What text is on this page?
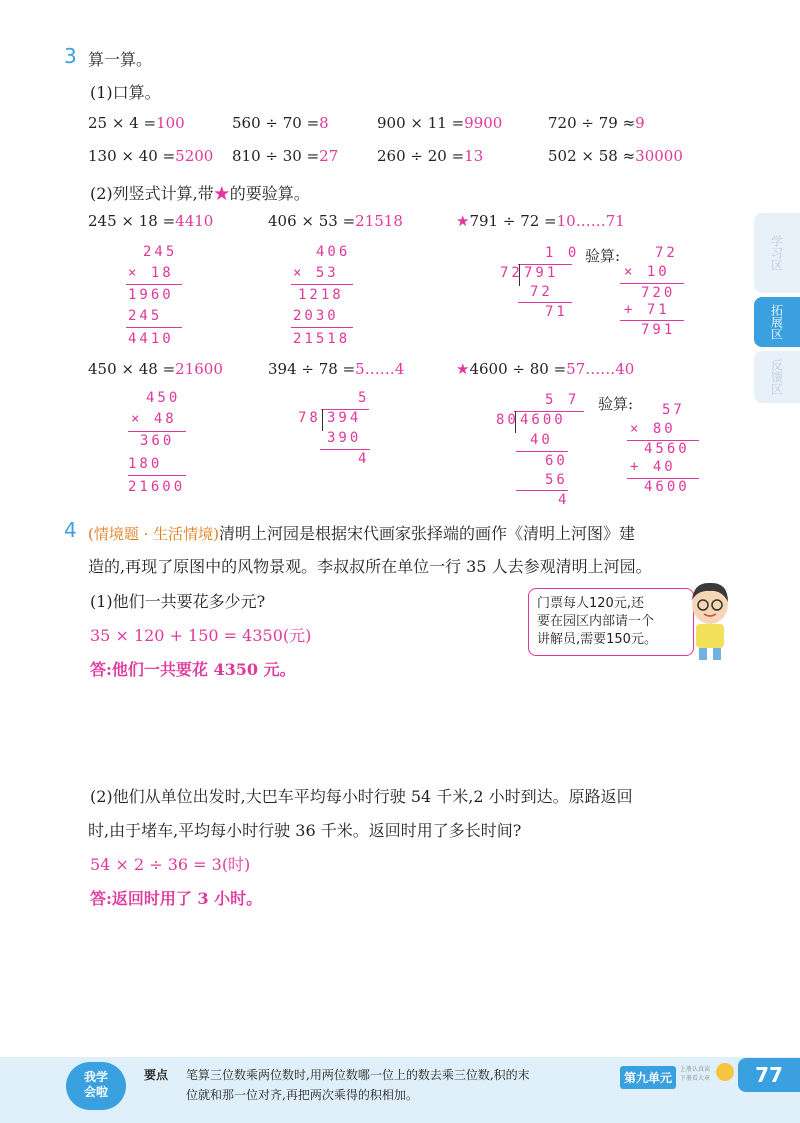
3 算一算。
(1)口算。
25 × 4 =100	560 ÷ 70 =8	900 × 11 =9900	720 ÷ 79 ≈9
130 × 40 =5200 810 ÷ 30 =27	260 ÷ 20 =13	502 × 58 ≈30000
(2)列竖式计算,带★的要验算。
245 × 18 =4410	406 × 53 =21518	★791 ÷ 72 =10……71
245
× 18
1960
245
4410
406
× 53
1218
2030
21518
1 0
72 791
72
71
验算: 72
× 10
720
+ 71
791
450 × 48 =21600	394 ÷ 78 =5……4	★4600 ÷ 80 =57……40
450
× 48
360
180
21600
5
78 394
390
4
5 7
80 4600
40
60
56
4
验算: 57
× 80
4560
+ 40
4600
4 (情境题 · 生活情境)清明上河园是根据宋代画家张择端的画作《清明上河图》建
造的,再现了原图中的风物景观。李叔叔所在单位一行 35 人去参观清明上河园。
(1)他们一共要花多少元?
35 × 120 + 150 = 4350(元)
答:他们一共要花 4350 元。
门票每人120元,还
要在园区内部请一个
讲解员,需要150元。
(2)他们从单位出发时,大巴车平均每小时行驶 54 千米,2 小时到达。原路返回
时,由于堵车,平均每小时行驶 36 千米。返回时用了多长时间?
54 × 2 ÷ 36 = 3(时)
答:返回时用了 3 小时。
学习区
拓展区
反馈区
我学
会啦
要点 笔算三位数乘两位数时,用两位数哪一位上的数去乘三位数,积的末
位就和那一位对齐,再把两次乘得的积相加。
第九单元
上册认真读
下册看大章	77
